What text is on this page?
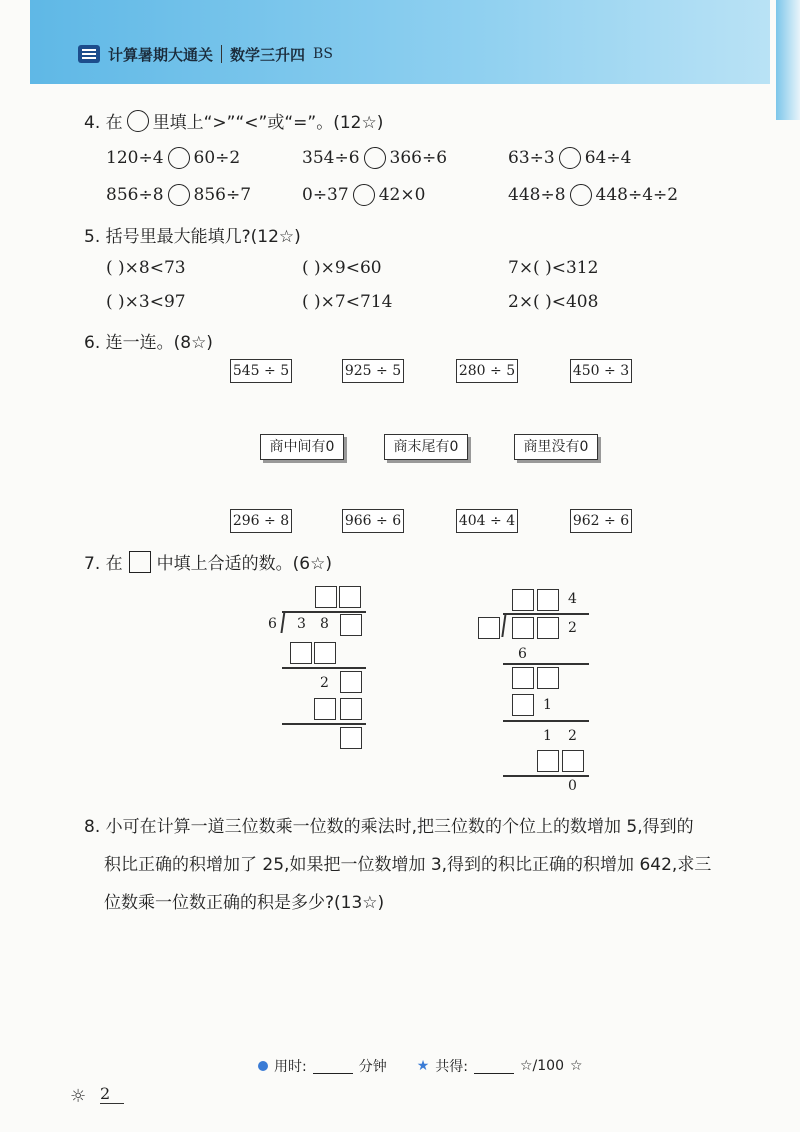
计算暑期大通关 数学三升四 BS
4. 在 里填上“>”“<”或“=”。(12☆)
120÷4 60÷2	354÷6 366÷6	63÷3 64÷4
856÷8 856÷7	0÷37 42×0	448÷8 448÷4÷2
5. 括号里最大能填几?(12☆)
( )×8<73	( )×9<60	7×( )<312
( )×3<97	( )×7<714	2×( )<408
6. 连一连。(8☆)
545 ÷ 5	925 ÷ 5	280 ÷ 5	450 ÷ 3
商中间有0	商末尾有0	商里没有0
296 ÷ 8	966 ÷ 6	404 ÷ 4	962 ÷ 6
7. 在 中填上合适的数。(6☆)
6 3 8
2
4
2
6
1
1 2
0
8. 小可在计算一道三位数乘一位数的乘法时,把三位数的个位上的数增加 5,得到的
积比正确的积增加了 25,如果把一位数增加 3,得到的积比正确的积增加 642,求三
位数乘一位数正确的积是多少?(13☆)
用时:	分钟 ★ 共得:	☆/100 ☆
☼ 2
